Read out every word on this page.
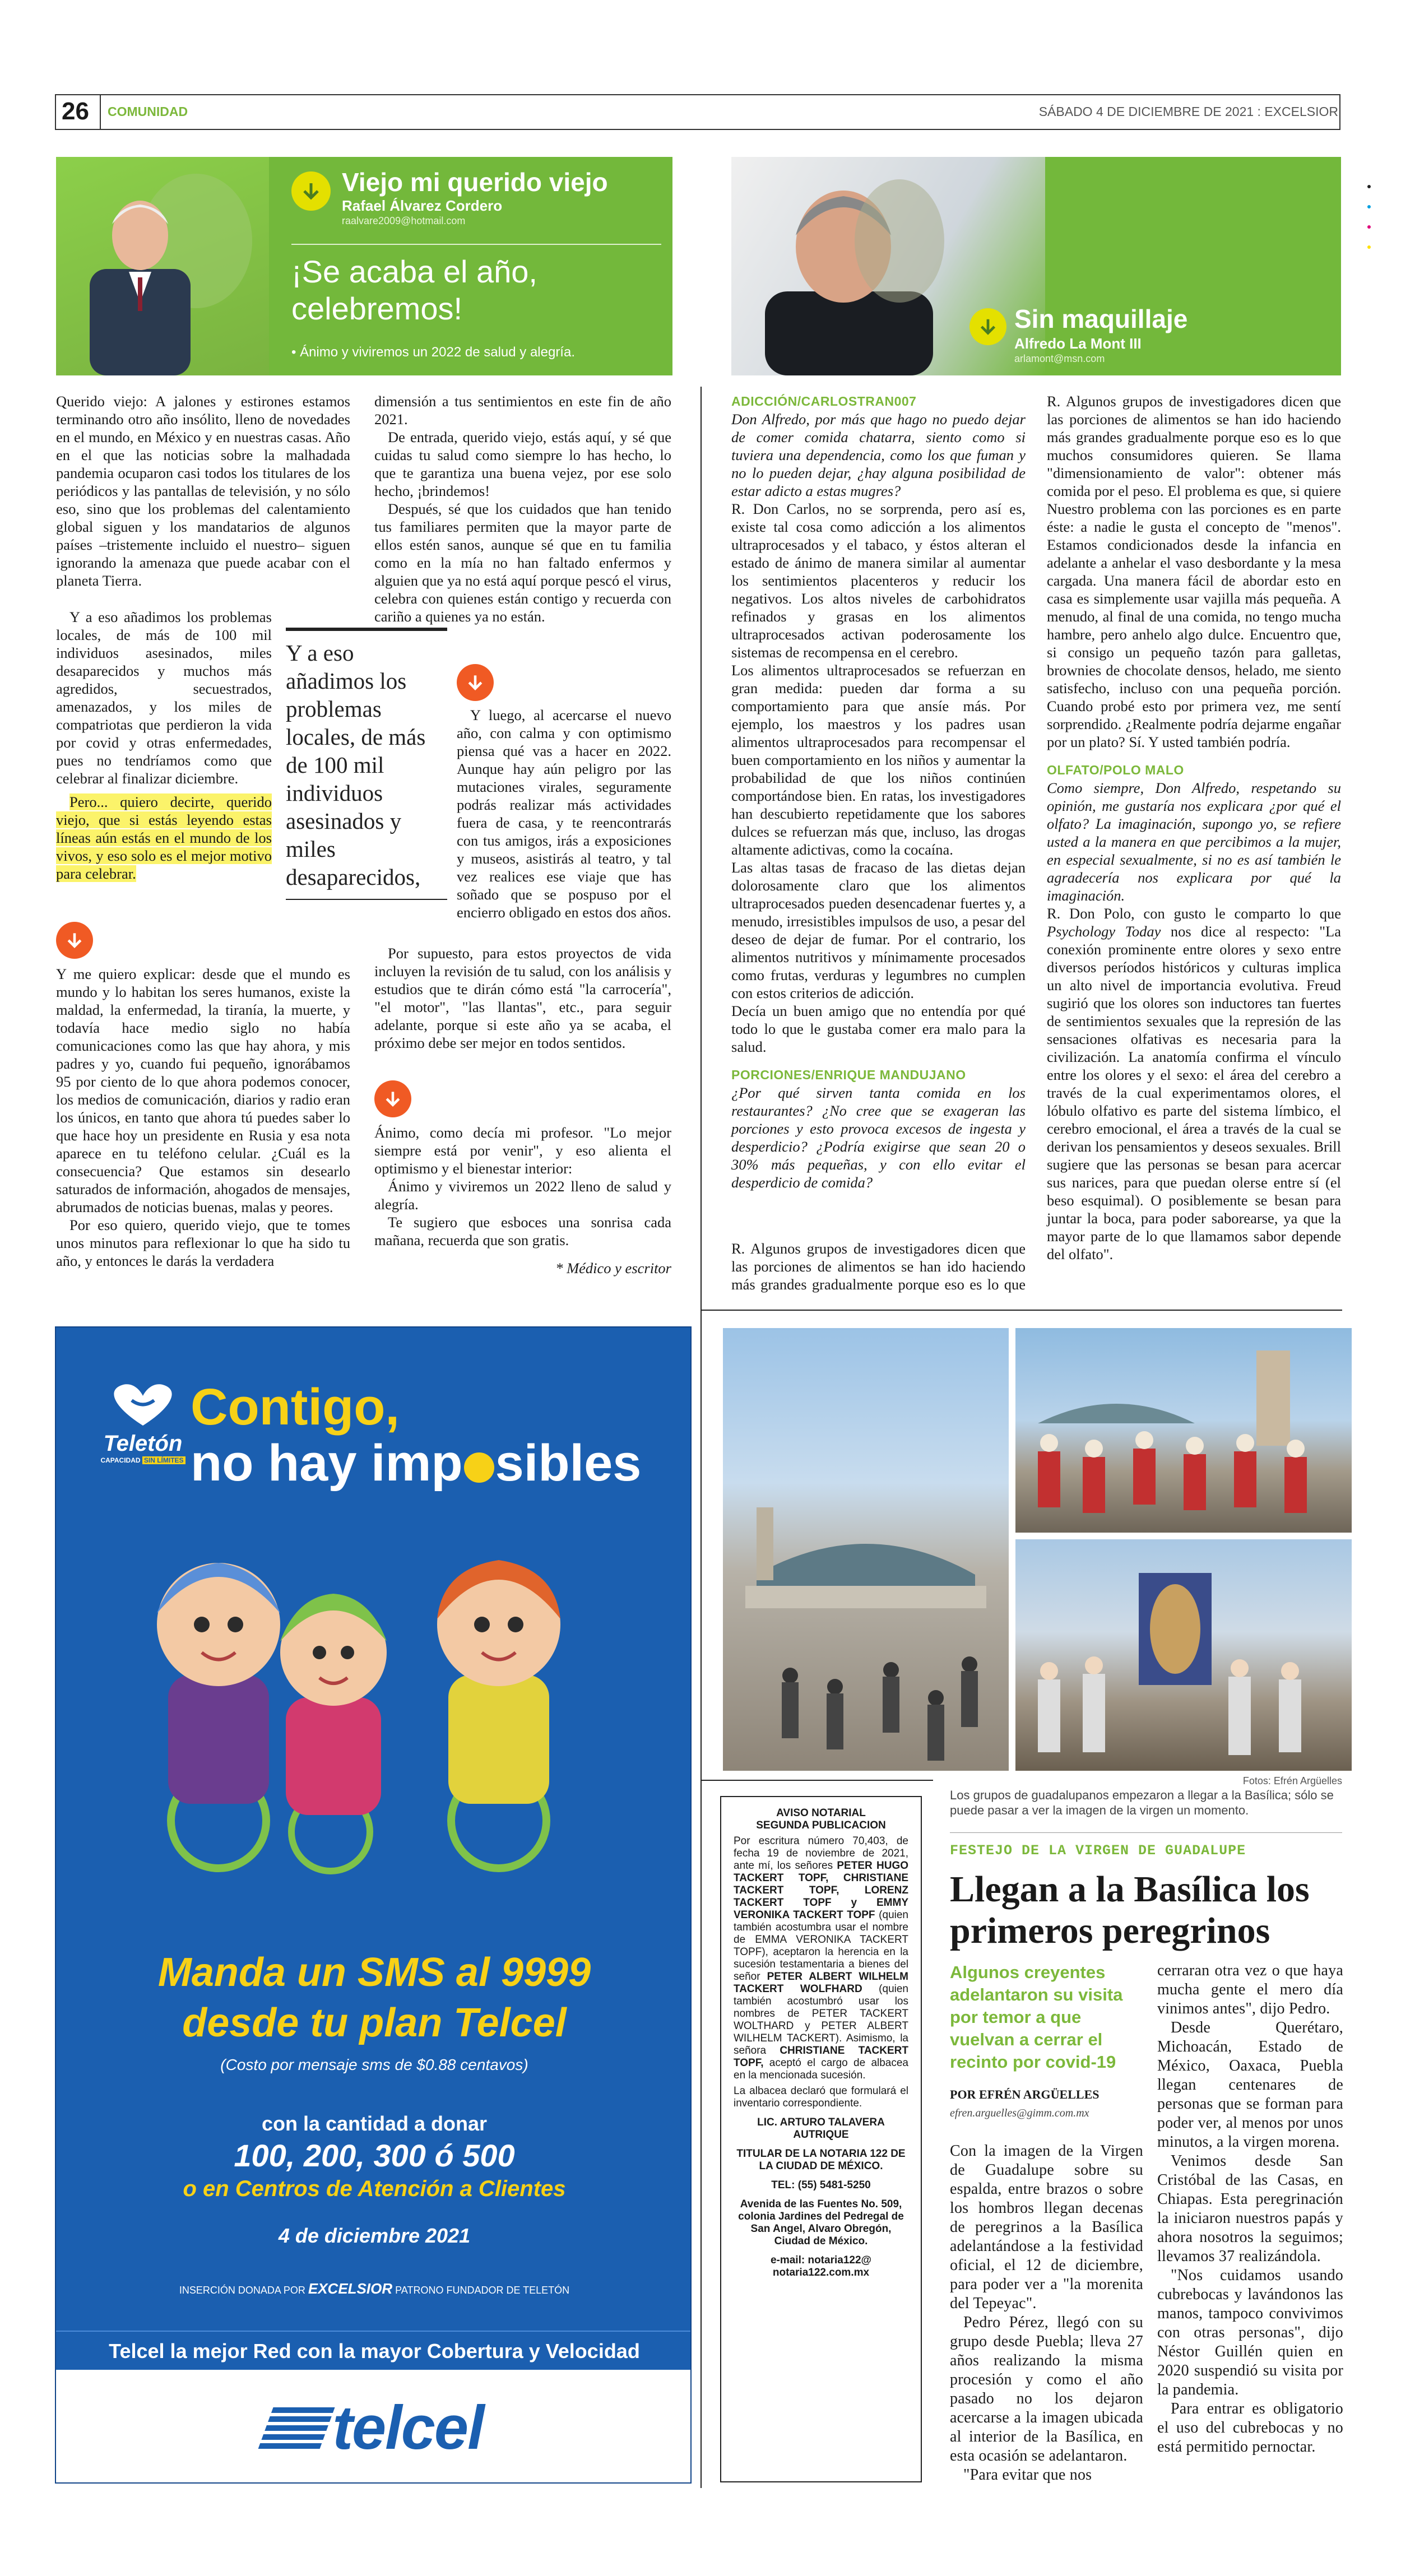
26 COMUNIDAD	SÁBADO 4 DE DICIEMBRE DE 2021 : EXCELSIOR
Viejo mi querido viejo
Rafael Álvarez Cordero
raalvare2009@hotmail.com
¡Se acaba el año, celebremos!
• Ánimo y viviremos un 2022 de salud y alegría.
Sin maquillaje
Alfredo La Mont III
arlamont@msn.com

Querido viejo: A jalones y estirones estamos terminando otro año insólito, lleno de novedades en el mundo, en México y en nuestras casas. Año en el que las noticias sobre la malhadada pandemia ocuparon casi todos los titulares de los periódicos y las pantallas de televisión, y no sólo eso, sino que los problemas del calentamiento global siguen y los mandatarios de algunos países –tristemente incluido el nuestro– siguen ignorando la amenaza que puede acabar con el planeta Tierra.

Y a eso añadimos los problemas locales, de más de 100 mil individuos asesinados, miles desaparecidos y muchos más agredidos, secuestrados, amenazados, y los miles de compatriotas que perdieron la vida por covid y otras enfermedades, pues no tendríamos como que celebrar al finalizar diciembre.

Pero... quiero decirte, querido viejo, que si estás leyendo estas líneas aún estás en el mundo de los vivos, y eso solo es el mejor motivo para celebrar.

Y a eso añadimos los problemas locales, de más de 100 mil individuos asesinados y miles desaparecidos,

Y me quiero explicar: desde que el mundo es mundo y lo habitan los seres humanos, existe la maldad, la enfermedad, la tiranía, la muerte, y todavía hace medio siglo no había comunicaciones como las que hay ahora, y mis padres y yo, cuando fui pequeño, ignorábamos 95 por ciento de lo que ahora podemos conocer, los medios de comunicación, diarios y radio eran los únicos, en tanto que ahora tú puedes saber lo que hace hoy un presidente en Rusia y esa nota aparece en tu teléfono celular. ¿Cuál es la consecuencia? Que estamos sin desearlo saturados de información, ahogados de mensajes, abrumados de noticias buenas, malas y peores.

Por eso quiero, querido viejo, que te tomes unos minutos para reflexionar lo que ha sido tu año, y entonces le darás la verdadera

dimensión a tus sentimientos en este fin de año 2021.

De entrada, querido viejo, estás aquí, y sé que cuidas tu salud como siempre lo has hecho, lo que te garantiza una buena vejez, por ese solo hecho, ¡brindemos!

Después, sé que los cuidados que han tenido tus familiares permiten que la mayor parte de ellos estén sanos, aunque sé que en tu familia como en la mía no han faltado enfermos y alguien que ya no está aquí porque pescó el virus, celebra con quienes están contigo y recuerda con cariño a quienes ya no están.

Y luego, al acercarse el nuevo año, con calma y con optimismo piensa qué vas a hacer en 2022. Aunque hay aún peligro por las mutaciones virales, seguramente podrás realizar más actividades fuera de casa, y te reencontrarás con tus amigos, irás a exposiciones y museos, asistirás al teatro, y tal vez realices ese viaje que has soñado que se pospuso por el encierro obligado en estos dos años.

Por supuesto, para estos proyectos de vida incluyen la revisión de tu salud, con los análisis y estudios que te dirán cómo está "la carrocería", "el motor", "las llantas", etc., para seguir adelante, porque si este año ya se acaba, el próximo debe ser mejor en todos sentidos.

Ánimo, como decía mi profesor. "Lo mejor siempre está por venir", y eso alienta el optimismo y el bienestar interior:

Ánimo y viviremos un 2022 lleno de salud y alegría.

Te sugiero que esboces una sonrisa cada mañana, recuerda que son gratis.

* Médico y escritor

ADICCIÓN/CARLOSTRAN007

Don Alfredo, por más que hago no puedo dejar de comer comida chatarra, siento como si tuviera una dependencia, como los que fuman y no lo pueden dejar, ¿hay alguna posibilidad de estar adicto a estas mugres?

R. Don Carlos, no se sorprenda, pero así es, existe tal cosa como adicción a los alimentos ultraprocesados y el tabaco, y éstos alteran el estado de ánimo de manera similar al aumentar los sentimientos placenteros y reducir los negativos. Los altos niveles de carbohidratos refinados y grasas en los alimentos ultraprocesados activan poderosamente los sistemas de recompensa en el cerebro.

Los alimentos ultraprocesados se refuerzan en gran medida: pueden dar forma a su comportamiento para que ansíe más. Por ejemplo, los maestros y los padres usan alimentos ultraprocesados para recompensar el buen comportamiento en los niños y aumentar la probabilidad de que los niños continúen comportándose bien. En ratas, los investigadores han descubierto repetidamente que los sabores dulces se refuerzan más que, incluso, las drogas altamente adictivas, como la cocaína.

Las altas tasas de fracaso de las dietas dejan dolorosamente claro que los alimentos ultraprocesados pueden desencadenar fuertes y, a menudo, irresistibles impulsos de uso, a pesar del deseo de dejar de fumar. Por el contrario, los alimentos nutritivos y mínimamente procesados como frutas, verduras y legumbres no cumplen con estos criterios de adicción.

Decía un buen amigo que no entendía por qué todo lo que le gustaba comer era malo para la salud.

PORCIONES/ENRIQUE MANDUJANO

¿Por qué sirven tanta comida en los restaurantes? ¿No cree que se exageran las porciones y esto provoca excesos de ingesta y desperdicio? ¿Podría exigirse que sean 20 o 30% más pequeñas, y con ello evitar el desperdicio de comida?

R. Algunos grupos de investigadores dicen que las porciones de alimentos se han ido haciendo más grandes gradualmente porque eso es lo que

R. Algunos grupos de investigadores dicen que las porciones de alimentos se han ido haciendo más grandes gradualmente porque eso es lo que muchos consumidores quieren. Se llama "dimensionamiento de valor": obtener más comida por el peso. El problema es que, si quiere

Nuestro problema con las porciones es en parte éste: a nadie le gusta el concepto de "menos". Estamos condicionados desde la infancia en adelante a anhelar el vaso desbordante y la mesa cargada. Una manera fácil de abordar esto en casa es simplemente usar vajilla más pequeña. A menudo, al final de una comida, no tengo mucha hambre, pero anhelo algo dulce. Encuentro que, si consigo un pequeño tazón para galletas, brownies de chocolate densos, helado, me siento satisfecho, incluso con una pequeña porción. Cuando probé esto por primera vez, me sentí sorprendido. ¿Realmente podría dejarme engañar por un plato? Sí. Y usted también podría.

OLFATO/POLO MALO

Como siempre, Don Alfredo, respetando su opinión, me gustaría nos explicara ¿por qué el olfato? La imaginación, supongo yo, se refiere usted a la manera en que percibimos a la mujer, en especial sexualmente, si no es así también le agradecería nos explicara por qué la imaginación.

R. Don Polo, con gusto le comparto lo que Psychology Today nos dice al respecto: "La conexión prominente entre olores y sexo entre diversos períodos históricos y culturas implica un alto nivel de importancia evolutiva. Freud sugirió que los olores son inductores tan fuertes de sentimientos sexuales que la represión de las sensaciones olfativas es necesaria para la civilización. La anatomía confirma el vínculo entre los olores y el sexo: el área del cerebro a través de la cual experimentamos olores, el lóbulo olfativo es parte del sistema límbico, el cerebro emocional, el área a través de la cual se derivan los pensamientos y deseos sexuales. Brill sugiere que las personas se besan para acercar sus narices, para que puedan olerse entre sí (el beso esquimal). O posiblemente se besan para juntar la boca, para poder saborearse, ya que la mayor parte de lo que llamamos sabor depende del olfato".

Teletón
CAPACIDAD SIN LÍMITES
Contigo,
no hay imp sibles
Manda un SMS al 9999
desde tu plan Telcel
(Costo por mensaje sms de $0.88 centavos)
con la cantidad a donar
100, 200, 300 ó 500
o en Centros de Atención a Clientes
4 de diciembre 2021
INSERCIÓN DONADA POR EXCELSIOR PATRONO FUNDADOR DE TELETÓN
Telcel la mejor Red con la mayor Cobertura y Velocidad
telcel
Fotos: Efrén Argüelles
AVISO NOTARIAL
SEGUNDA PUBLICACION
Por escritura número 70,403, de fecha 19 de noviembre de 2021, ante mí, los señores PETER HUGO TACKERT TOPF, CHRISTIANE TACKERT TOPF, LORENZ TACKERT TOPF y EMMY VERONIKA TACKERT TOPF (quien también acostumbra usar el nombre de EMMA VERONIKA TACKERT TOPF), aceptaron la herencia en la sucesión testamentaria a bienes del señor PETER ALBERT WILHELM TACKERT WOLFHARD (quien también acostumbró usar los nombres de PETER TACKERT WOLTHARD y PETER ALBERT WILHELM TACKERT). Asimismo, la señora CHRISTIANE TACKERT TOPF, aceptó el cargo de albacea en la mencionada sucesión.
La albacea declaró que formulará el inventario correspondiente.
LIC. ARTURO TALAVERA AUTRIQUE
TITULAR DE LA NOTARIA 122 DE LA CIUDAD DE MÉXICO.
TEL: (55) 5481-5250
Avenida de las Fuentes No. 509, colonia Jardines del Pedregal de San Angel, Alvaro Obregón, Ciudad de México.
e-mail: notaria122@ notaria122.com.mx
Los grupos de guadalupanos empezaron a llegar a la Basílica; sólo se puede pasar a ver la imagen de la virgen un momento.
FESTEJO DE LA VIRGEN DE GUADALUPE
Llegan a la Basílica los primeros peregrinos
Algunos creyentes adelantaron su visita por temor a que vuelvan a cerrar el recinto por covid-19
POR EFRÉN ARGÜELLES
efren.arguelles@gimm.com.mx

Con la imagen de la Virgen de Guadalupe sobre su espalda, entre brazos o sobre los hombros llegan decenas de peregrinos a la Basílica adelantándose a la festividad oficial, el 12 de diciembre, para poder ver a "la morenita del Tepeyac".

Pedro Pérez, llegó con su grupo desde Puebla; lleva 27 años realizando la misma procesión y como el año pasado no los dejaron acercarse a la imagen ubicada al interior de la Basílica, en esta ocasión se adelantaron.

"Para evitar que nos

cerraran otra vez o que haya mucha gente el mero día vinimos antes", dijo Pedro.

Desde Querétaro, Michoacán, Estado de México, Oaxaca, Puebla llegan centenares de personas que se forman para poder ver, al menos por unos minutos, a la virgen morena.

Venimos desde San Cristóbal de las Casas, en Chiapas. Esta peregrinación la iniciaron nuestros papás y ahora nosotros la seguimos; llevamos 37 realizándola.

"Nos cuidamos usando cubrebocas y lavándonos las manos, tampoco convivimos con otras personas", dijo Néstor Guillén quien en 2020 suspendió su visita por la pandemia.

Para entrar es obligatorio el uso del cubrebocas y no está permitido pernoctar.
